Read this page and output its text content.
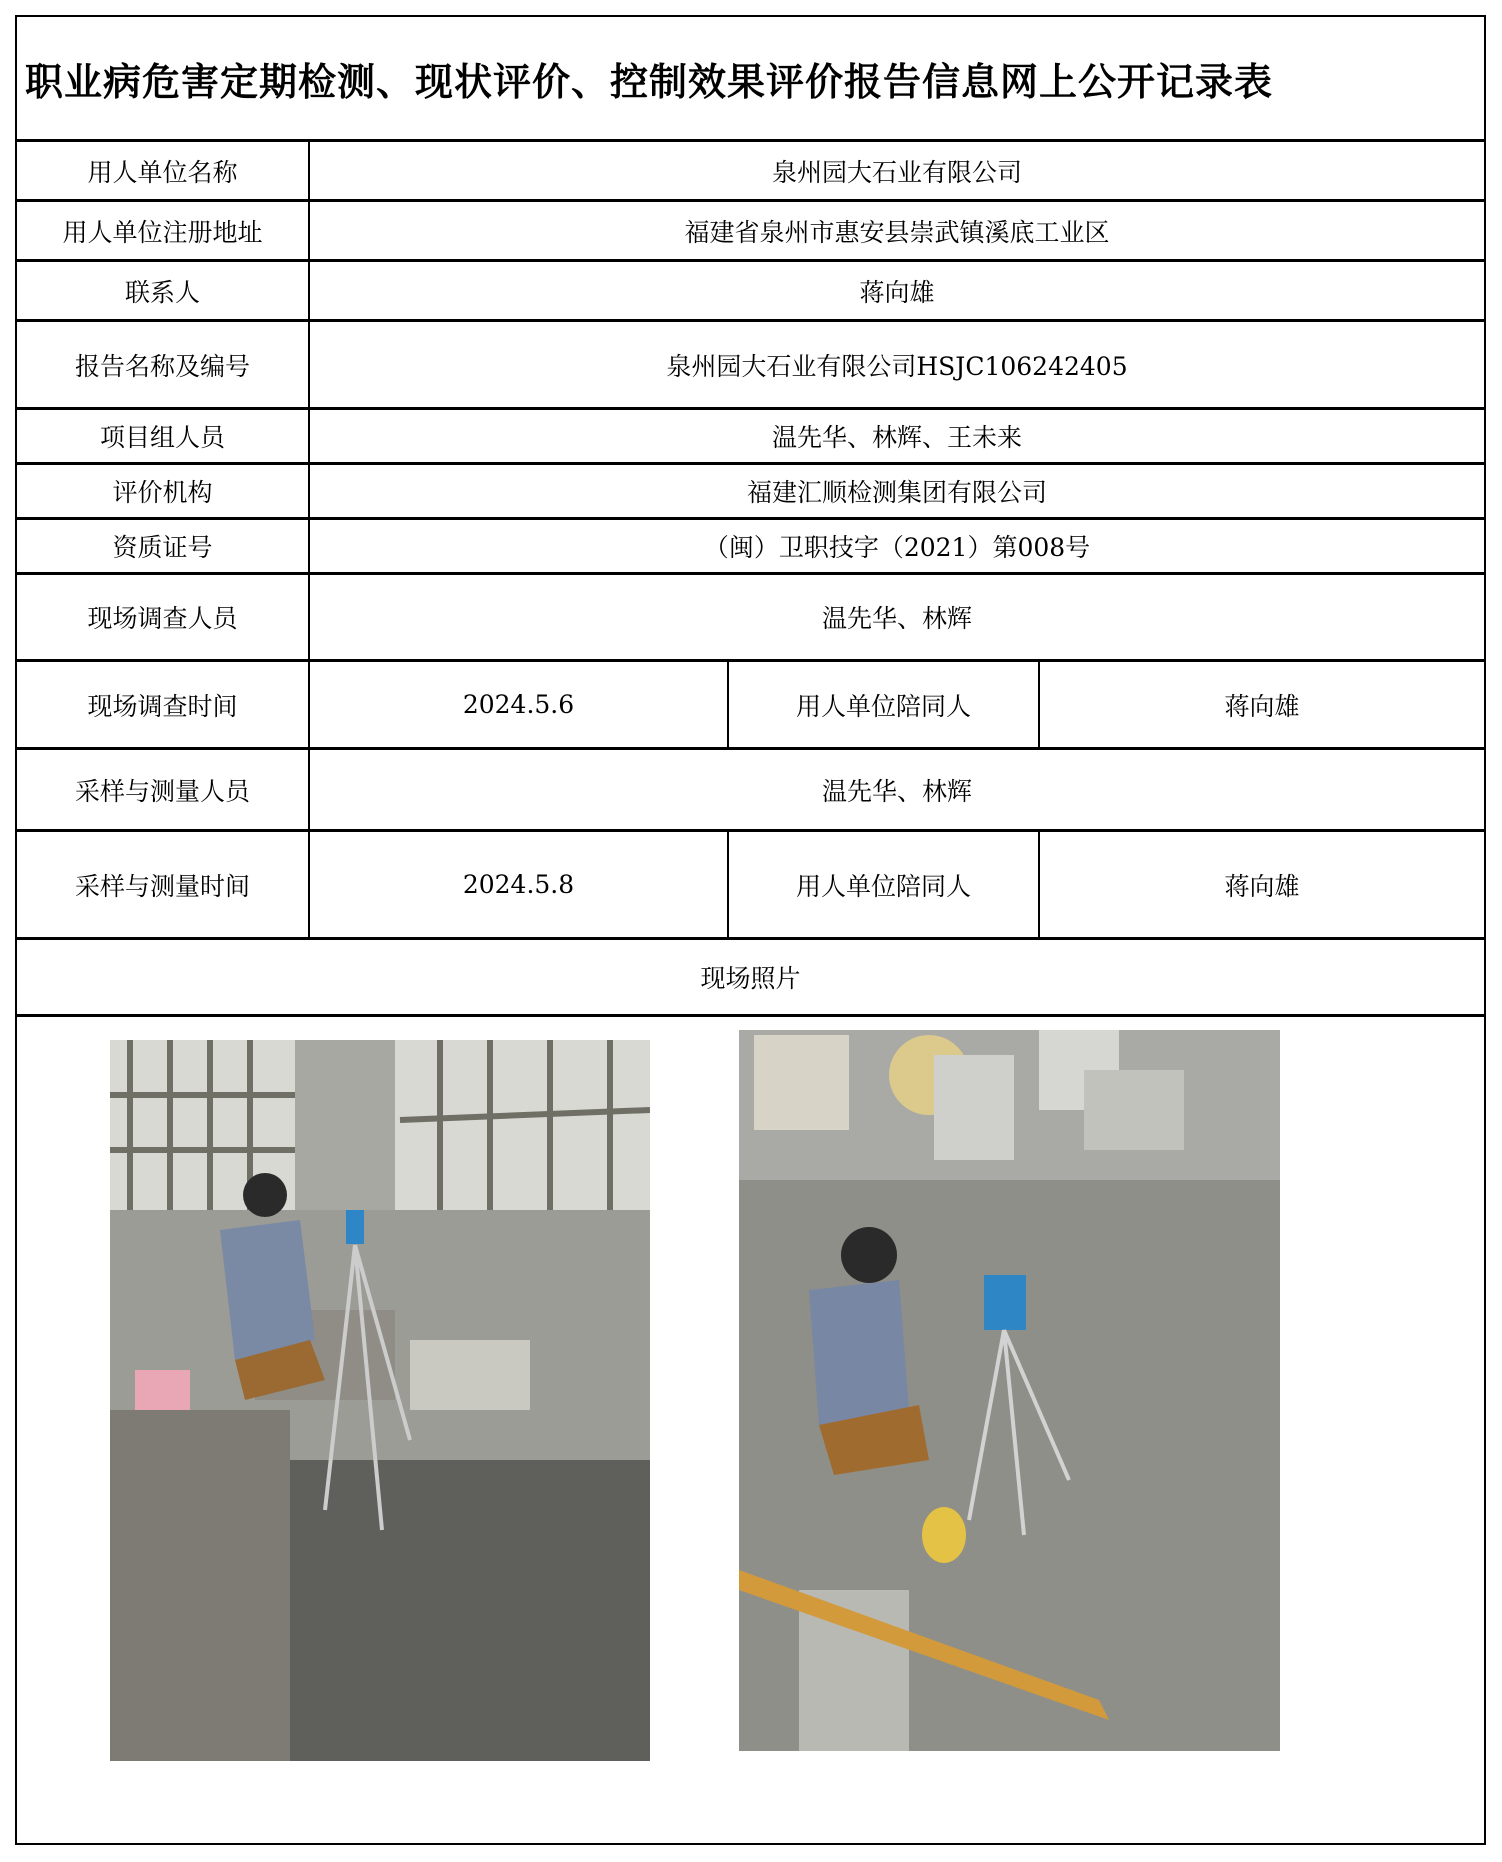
职业病危害定期检测、现状评价、控制效果评价报告信息网上公开记录表
用人单位名称	泉州园大石业有限公司
用人单位注册地址	福建省泉州市惠安县崇武镇溪底工业区
联系人	蒋向雄
报告名称及编号	泉州园大石业有限公司HSJC106242405
项目组人员	温先华、林辉、王未来
评价机构	福建汇顺检测集团有限公司
资质证号	（闽）卫职技字（2021）第008号
现场调查人员	温先华、林辉
现场调查时间	2024.5.6	用人单位陪同人	蒋向雄
采样与测量人员	温先华、林辉
采样与测量时间	2024.5.8	用人单位陪同人	蒋向雄
现场照片
